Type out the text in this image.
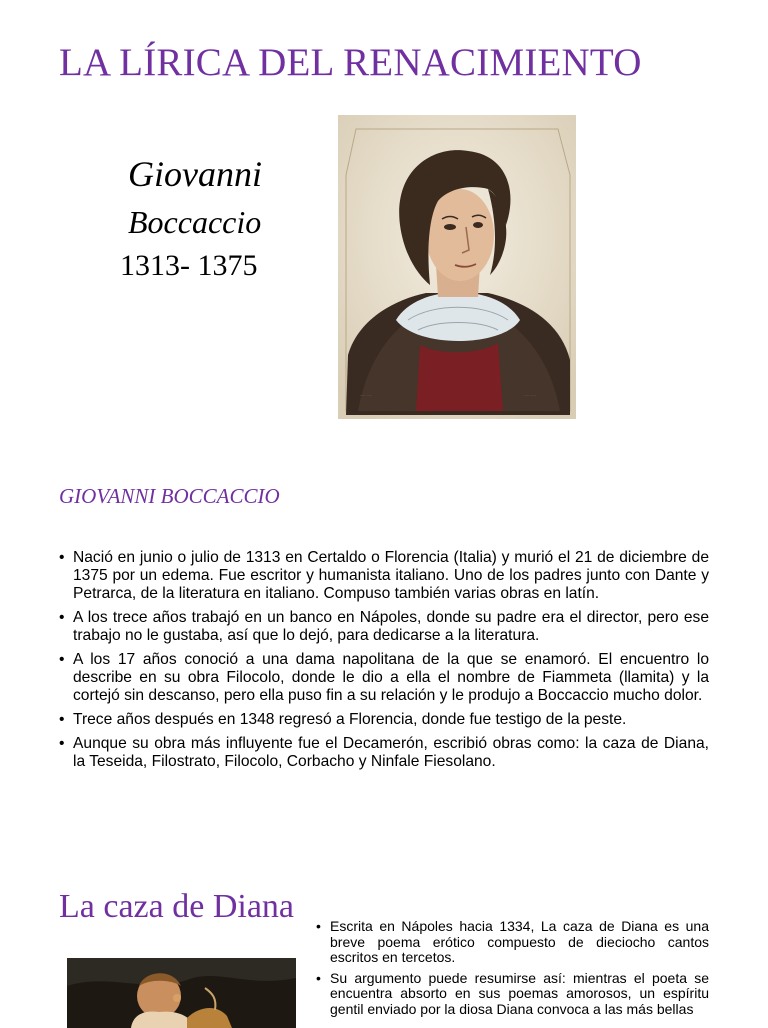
LA LÍRICA DEL RENACIMIENTO
Giovanni
Boccaccio
1313- 1375
~~ ~~	~~ ~~
GIOVANNI BOCCACCIO
• Nació en junio o julio de 1313 en Certaldo o Florencia (Italia) y murió el 21 de diciembre de 1375 por un edema. Fue escritor y humanista italiano. Uno de los padres junto con Dante y Petrarca, de la literatura en italiano. Compuso también varias obras en latín.
• A los trece años trabajó en un banco en Nápoles, donde su padre era el director, pero ese trabajo no le gustaba, así que lo dejó, para dedicarse a la literatura.
• A los 17 años conoció a una dama napolitana de la que se enamoró. El encuentro lo describe en su obra Filocolo, donde le dio a ella el nombre de Fiammeta (llamita) y la cortejó sin descanso, pero ella puso fin a su relación y le produjo a Boccaccio mucho dolor.
• Trece años después en 1348 regresó a Florencia, donde fue testigo de la peste.
• Aunque su obra más influyente fue el Decamerón, escribió obras como: la caza de Diana, la Teseida, Filostrato, Filocolo, Corbacho y Ninfale Fiesolano.
La caza de Diana
• Escrita en Nápoles hacia 1334, La caza de Diana es una breve poema erótico compuesto de dieciocho cantos escritos en tercetos.
• Su argumento puede resumirse así: mientras el poeta se encuentra absorto en sus poemas amorosos, un espíritu gentil enviado por la diosa Diana convoca a las más bellas
